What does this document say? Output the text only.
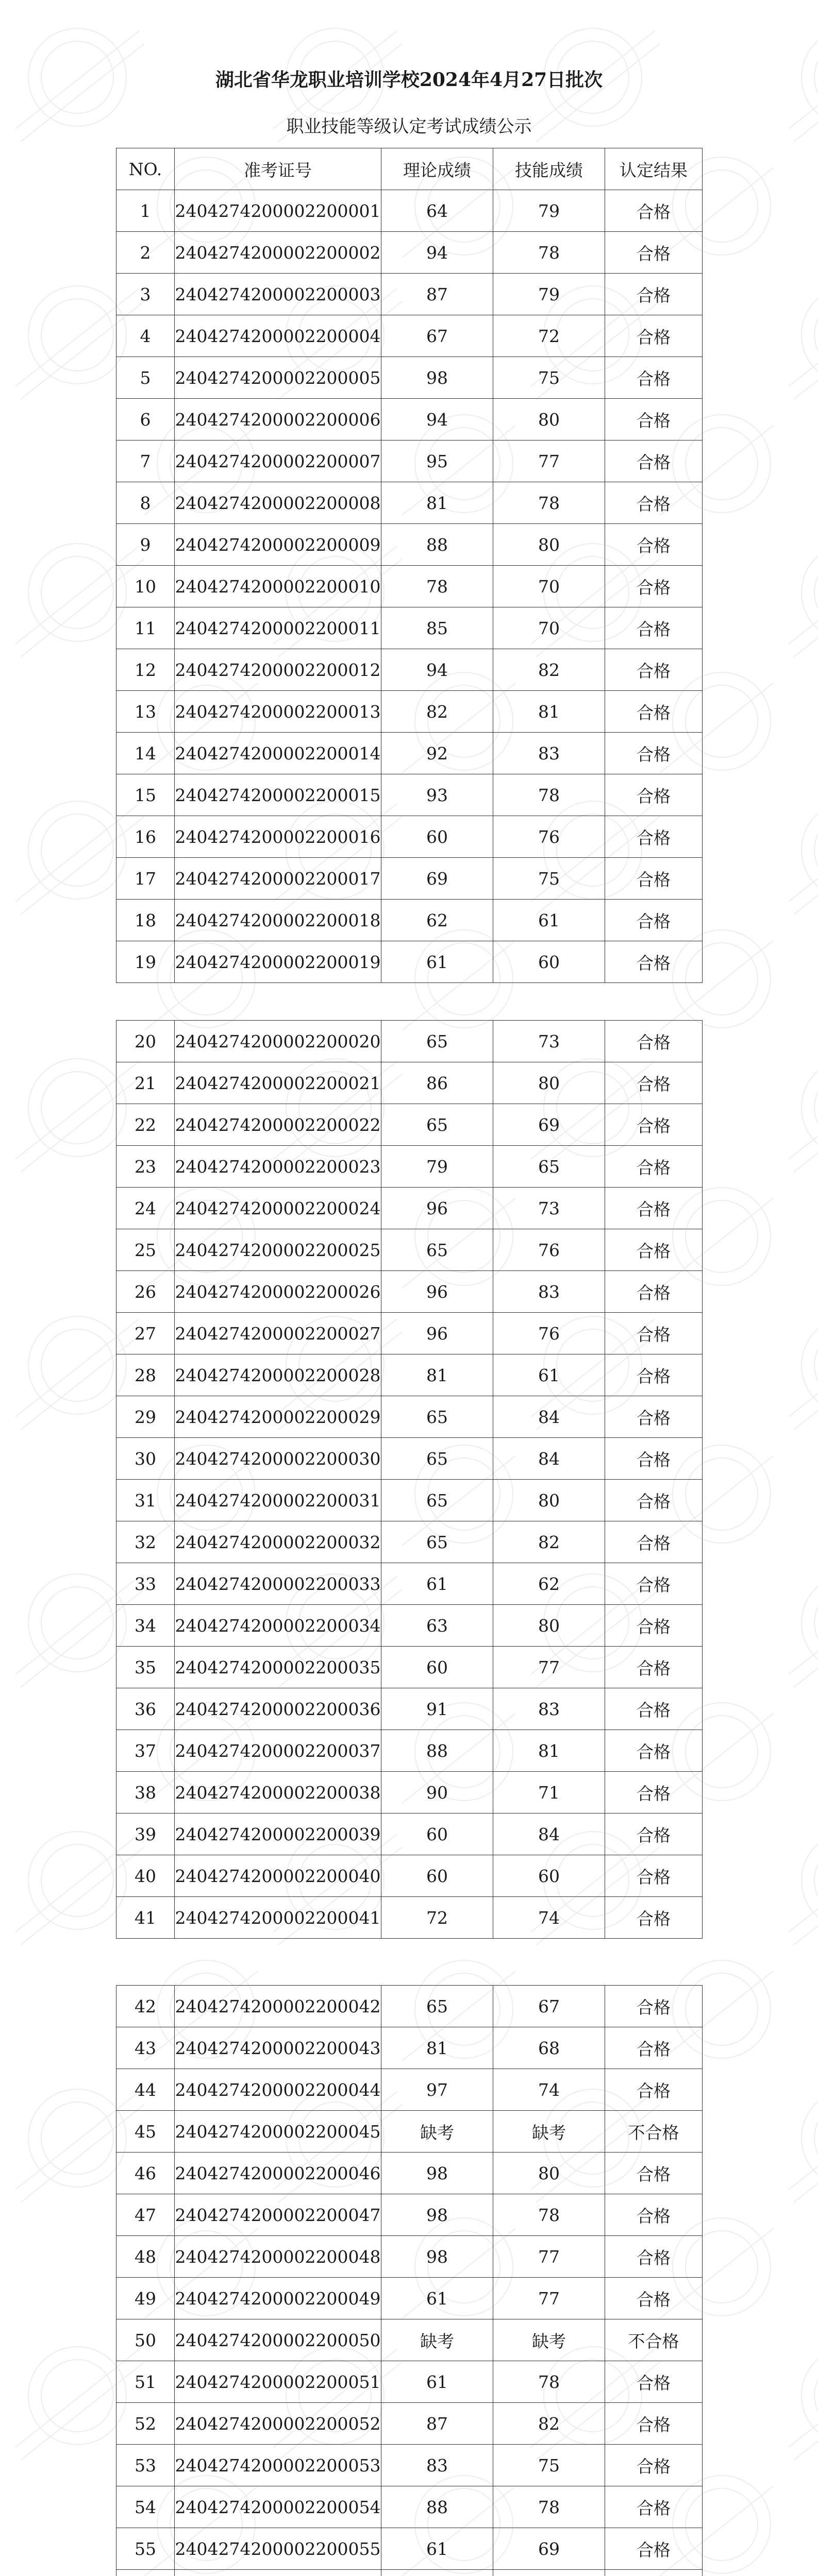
湖北省华龙职业培训学校2024年4月27日批次
职业技能等级认定考试成绩公示
NO.	准考证号	理论成绩	技能成绩	认定结果
1	2404274200002200001	64	79	合格
2	2404274200002200002	94	78	合格
3	2404274200002200003	87	79	合格
4	2404274200002200004	67	72	合格
5	2404274200002200005	98	75	合格
6	2404274200002200006	94	80	合格
7	2404274200002200007	95	77	合格
8	2404274200002200008	81	78	合格
9	2404274200002200009	88	80	合格
10	2404274200002200010	78	70	合格
11	2404274200002200011	85	70	合格
12	2404274200002200012	94	82	合格
13	2404274200002200013	82	81	合格
14	2404274200002200014	92	83	合格
15	2404274200002200015	93	78	合格
16	2404274200002200016	60	76	合格
17	2404274200002200017	69	75	合格
18	2404274200002200018	62	61	合格
19	2404274200002200019	61	60	合格
20	2404274200002200020	65	73	合格
21	2404274200002200021	86	80	合格
22	2404274200002200022	65	69	合格
23	2404274200002200023	79	65	合格
24	2404274200002200024	96	73	合格
25	2404274200002200025	65	76	合格
26	2404274200002200026	96	83	合格
27	2404274200002200027	96	76	合格
28	2404274200002200028	81	61	合格
29	2404274200002200029	65	84	合格
30	2404274200002200030	65	84	合格
31	2404274200002200031	65	80	合格
32	2404274200002200032	65	82	合格
33	2404274200002200033	61	62	合格
34	2404274200002200034	63	80	合格
35	2404274200002200035	60	77	合格
36	2404274200002200036	91	83	合格
37	2404274200002200037	88	81	合格
38	2404274200002200038	90	71	合格
39	2404274200002200039	60	84	合格
40	2404274200002200040	60	60	合格
41	2404274200002200041	72	74	合格
42	2404274200002200042	65	67	合格
43	2404274200002200043	81	68	合格
44	2404274200002200044	97	74	合格
45	2404274200002200045	缺考	缺考	不合格
46	2404274200002200046	98	80	合格
47	2404274200002200047	98	78	合格
48	2404274200002200048	98	77	合格
49	2404274200002200049	61	77	合格
50	2404274200002200050	缺考	缺考	不合格
51	2404274200002200051	61	78	合格
52	2404274200002200052	87	82	合格
53	2404274200002200053	83	75	合格
54	2404274200002200054	88	78	合格
55	2404274200002200055	61	69	合格
